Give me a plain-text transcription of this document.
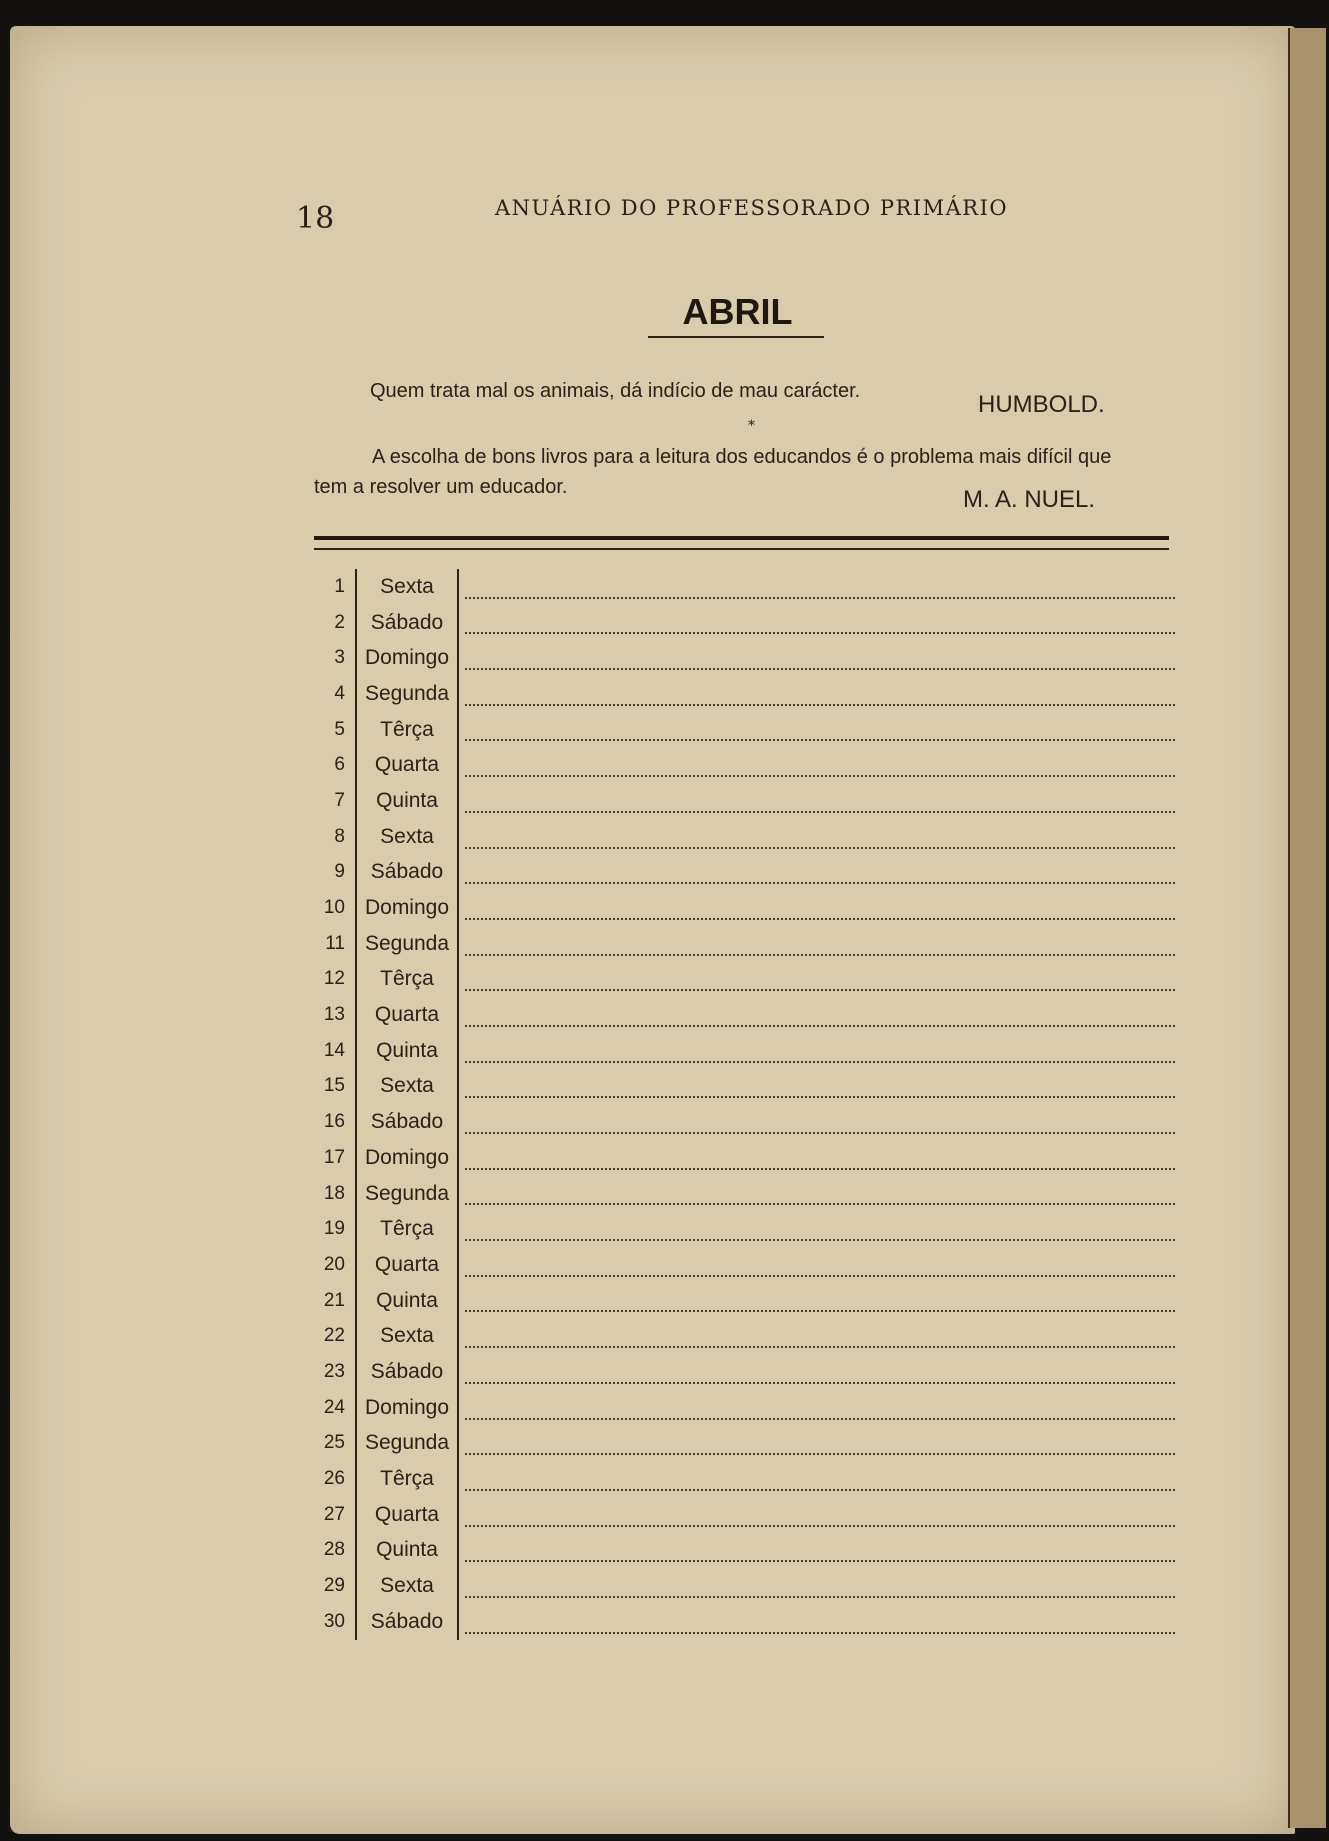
18	ANUÁRIO DO PROFESSORADO PRIMÁRIO
ABRIL
Quem trata mal os animais, dá indício de mau carácter.	HUMBOLD.
*
A escolha de bons livros para a leitura dos educandos é o problema mais difícil que
tem a resolver um educador.	M. A. NUEL.
1	Sexta
2	Sábado
3 Domingo
4 Segunda
5	Têrça
6	Quarta
7	Quinta
8	Sexta
9	Sábado
10 Domingo
11 Segunda
12	Têrça
13	Quarta
14	Quinta
15	Sexta
16	Sábado
17 Domingo
18 Segunda
19	Têrça
20	Quarta
21	Quinta
22	Sexta
23	Sábado
24 Domingo
25 Segunda
26	Têrça
27	Quarta
28	Quinta
29	Sexta
30	Sábado
